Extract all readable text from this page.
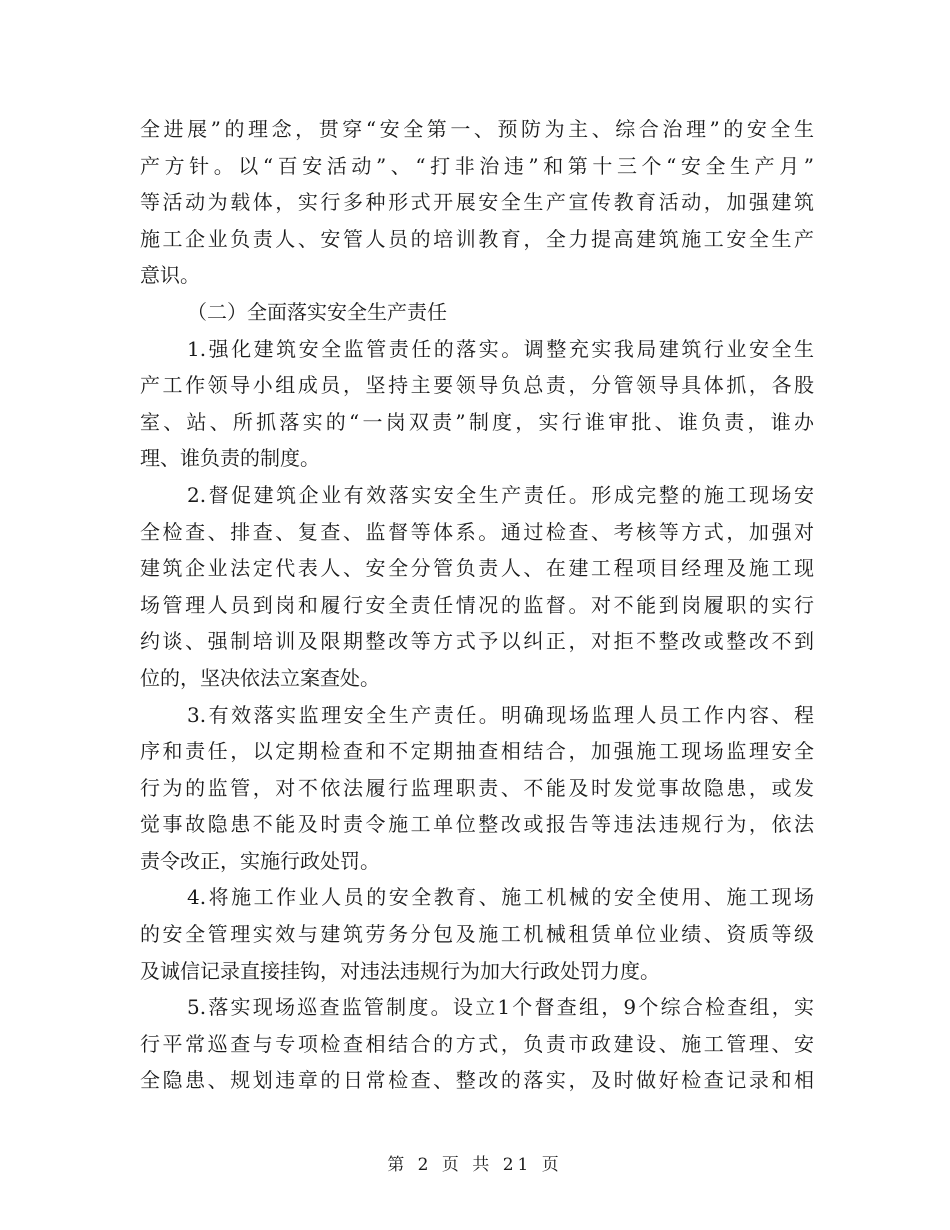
全进展”的理念，贯穿“安全第一、预防为主、综合治理”的安全生
产方针。以“百安活动”、“打非治违”和第十三个“安全生产月”
等活动为载体，实行多种形式开展安全生产宣传教育活动，加强建筑
施工企业负责人、安管人员的培训教育，全力提高建筑施工安全生产
意识。
（二）全面落实安全生产责任
1.强化建筑安全监管责任的落实。调整充实我局建筑行业安全生
产工作领导小组成员，坚持主要领导负总责，分管领导具体抓，各股
室、站、所抓落实的“一岗双责”制度，实行谁审批、谁负责，谁办
理、谁负责的制度。
2.督促建筑企业有效落实安全生产责任。形成完整的施工现场安
全检查、排查、复查、监督等体系。通过检查、考核等方式，加强对
建筑企业法定代表人、安全分管负责人、在建工程项目经理及施工现
场管理人员到岗和履行安全责任情况的监督。对不能到岗履职的实行
约谈、强制培训及限期整改等方式予以纠正，对拒不整改或整改不到
位的，坚决依法立案查处。
3.有效落实监理安全生产责任。明确现场监理人员工作内容、程
序和责任，以定期检查和不定期抽查相结合，加强施工现场监理安全
行为的监管，对不依法履行监理职责、不能及时发觉事故隐患，或发
觉事故隐患不能及时责令施工单位整改或报告等违法违规行为，依法
责令改正，实施行政处罚。
4.将施工作业人员的安全教育、施工机械的安全使用、施工现场
的安全管理实效与建筑劳务分包及施工机械租赁单位业绩、资质等级
及诚信记录直接挂钩，对违法违规行为加大行政处罚力度。
5.落实现场巡查监管制度。设立1个督查组，9个综合检查组，实
行平常巡查与专项检查相结合的方式，负责市政建设、施工管理、安
全隐患、规划违章的日常检查、整改的落实，及时做好检查记录和相
第 2 页 共 21 页
